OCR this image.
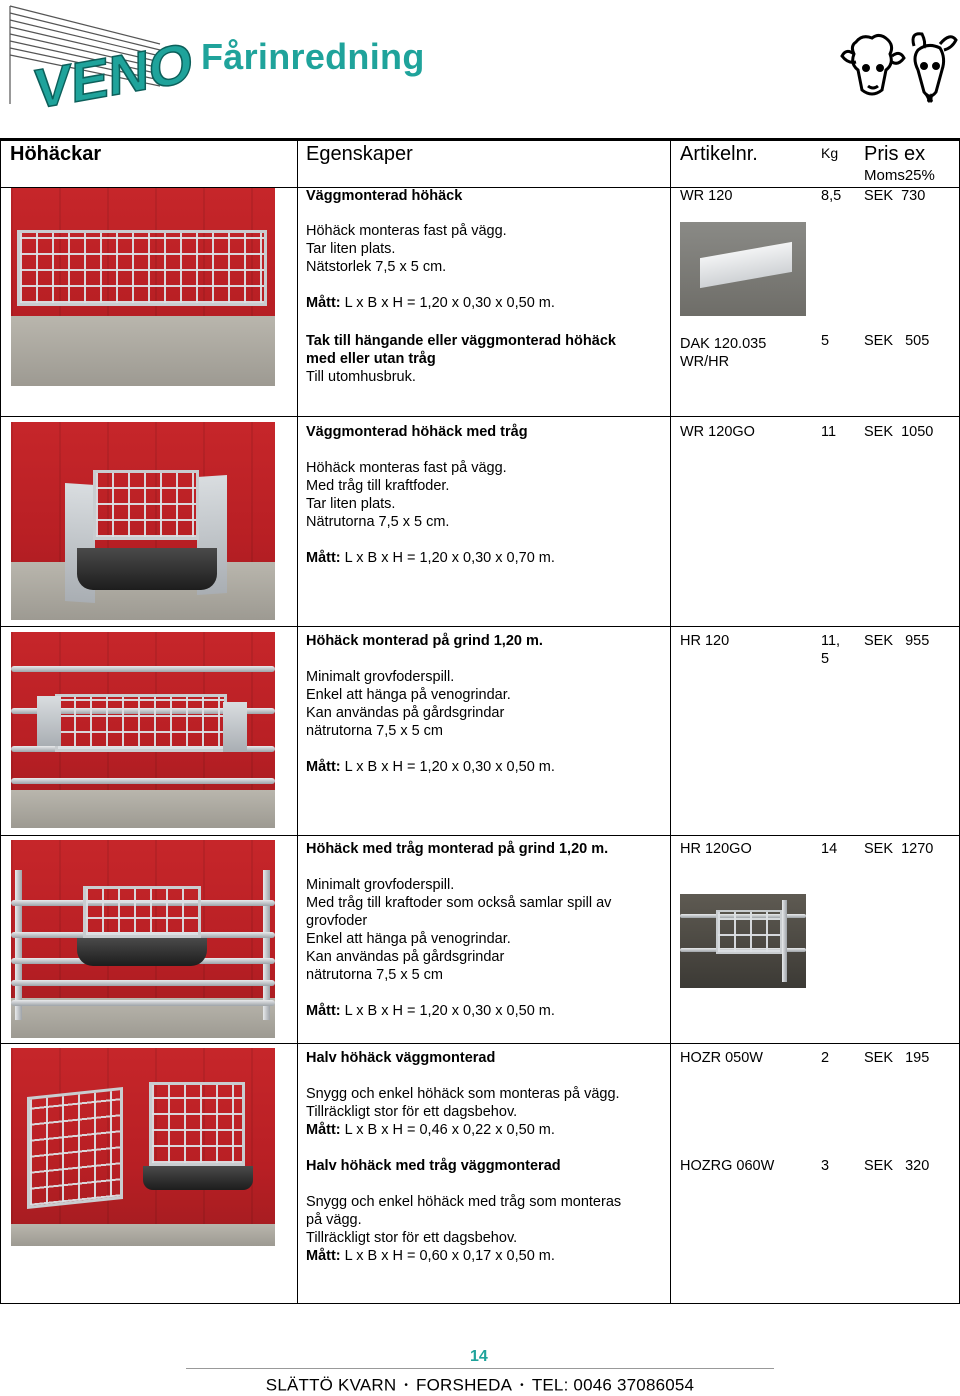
VENO Fårinredning
Höhäckar	Egenskaper	Artikelnr.	Kg Pris ex
Moms25%
Väggmonterad höhäck
Höhäck monteras fast på vägg.
Tar liten plats.
Nätstorlek 7,5 x 5 cm.
Mått: L x B x H = 1,20 x 0,30 x 0,50 m.
WR 120	8,5 SEK  730
Tak till hängande eller väggmonterad höhäck
med eller utan tråg
Till utomhusbruk.
DAK 120.035
WR/HR
5 SEK   505
Väggmonterad höhäck med tråg
Höhäck monteras fast på vägg.
Med tråg till kraftfoder.
Tar liten plats.
Nätrutorna 7,5 x 5 cm.
Mått: L x B x H = 1,20 x 0,30 x 0,70 m.
WR 120GO	11 SEK  1050
Höhäck monterad på grind 1,20 m.
Minimalt grovfoderspill.
Enkel att hänga på venogrindar.
Kan användas på gårdsgrindar
nätrutorna 7,5 x 5 cm
Mått: L x B x H = 1,20 x 0,30 x 0,50 m.
HR 120	11,
5
SEK   955
Höhäck med tråg monterad på grind 1,20 m.
Minimalt grovfoderspill.
Med tråg till kraftoder som också samlar spill av
grovfoder
Enkel att hänga på venogrindar.
Kan användas på gårdsgrindar
nätrutorna 7,5 x 5 cm
Mått: L x B x H = 1,20 x 0,30 x 0,50 m.
HR 120GO	14 SEK  1270
Halv höhäck väggmonterad
Snygg och enkel höhäck som monteras på vägg.
Tillräckligt stor för ett dagsbehov.
Mått: L x B x H = 0,46 x 0,22 x 0,50 m.
HOZR 050W	2 SEK   195
Halv höhäck med tråg väggmonterad
Snygg och enkel höhäck med tråg som monteras
på vägg.
Tillräckligt stor för ett dagsbehov.
Mått: L x B x H = 0,60 x 0,17 x 0,50 m.
HOZRG 060W	3 SEK   320
14
SLÄTTÖ KVARN • FORSHEDA • TEL: 0046 37086054
